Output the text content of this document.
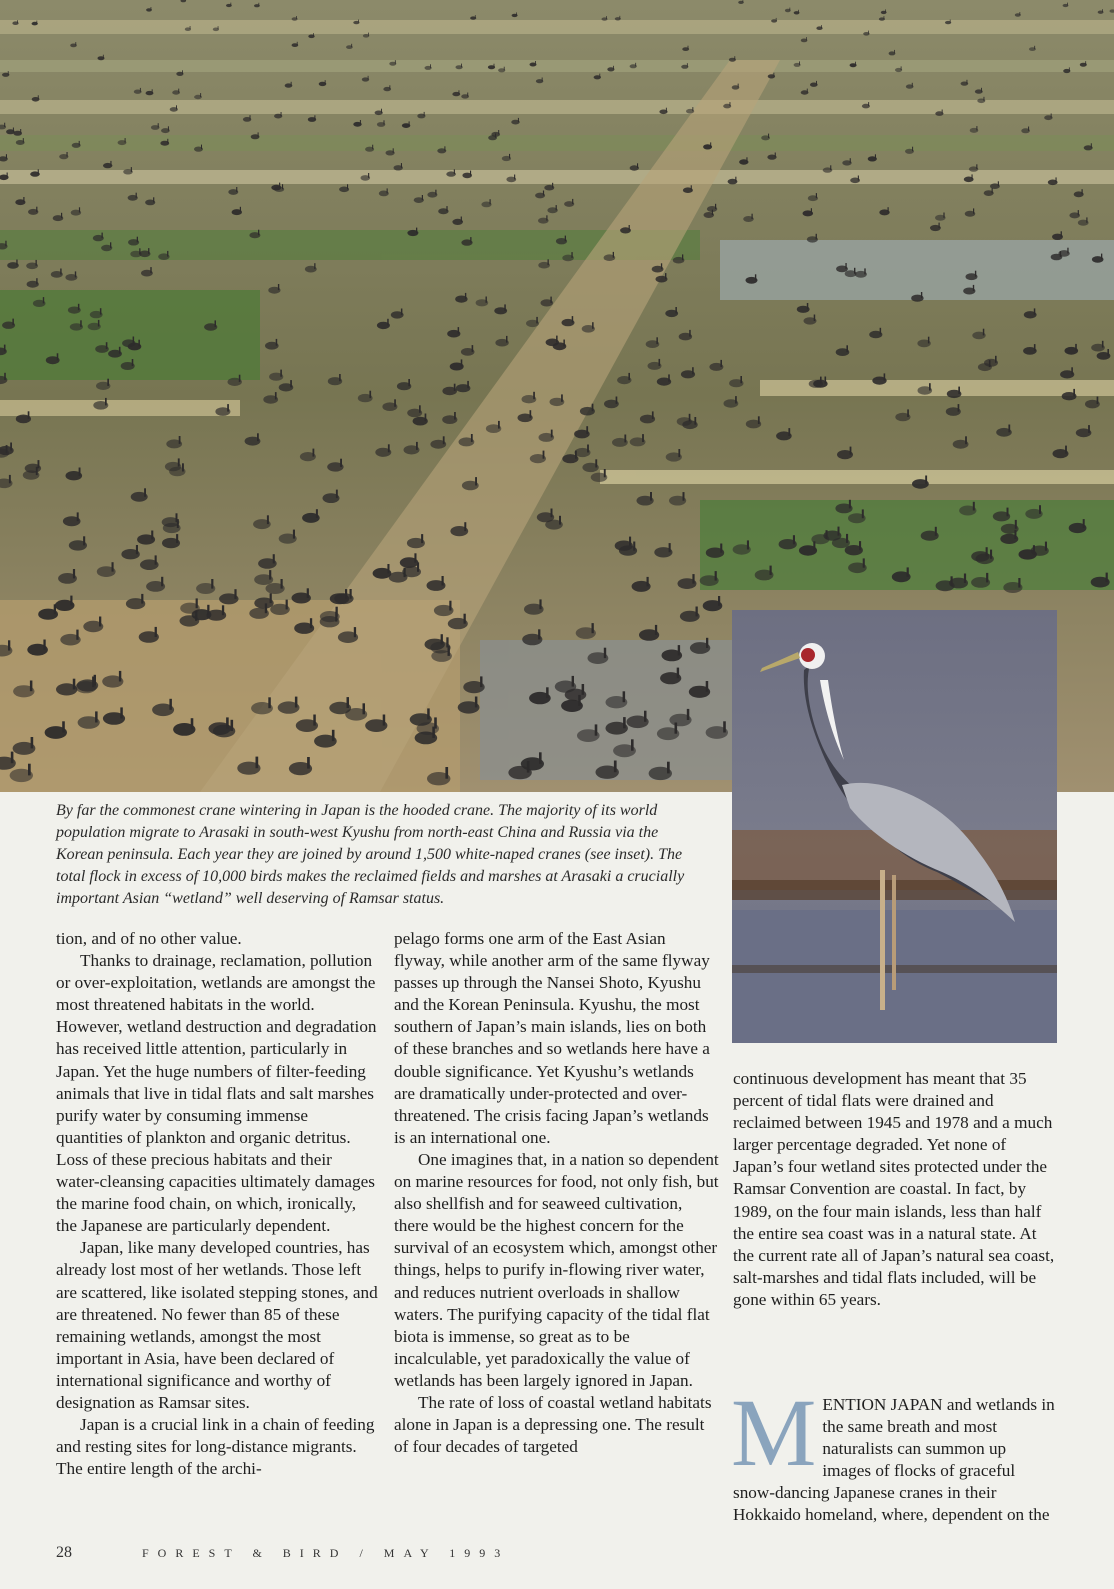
By far the commonest crane wintering in Japan is the hooded crane. The majority of its world population migrate to Arasaki in south-west Kyushu from north-east China and Russia via the Korean peninsula. Each year they are joined by around 1,500 white-naped cranes (see inset). The total flock in excess of 10,000 birds makes the reclaimed fields and marshes at Arasaki a crucially important Asian “wetland” well deserving of Ramsar status.

tion, and of no other value.

Thanks to drainage, reclamation, pollution or over-exploitation, wetlands are amongst the most threatened habitats in the world. However, wetland destruction and degradation has received little attention, particularly in Japan. Yet the huge numbers of filter-feeding animals that live in tidal flats and salt marshes purify water by consuming immense quantities of plankton and organic detritus. Loss of these precious habitats and their water-cleansing capacities ultimately damages the marine food chain, on which, ironically, the Japanese are particularly dependent.

Japan, like many developed countries, has already lost most of her wetlands. Those left are scattered, like isolated stepping stones, and are threatened. No fewer than 85 of these remaining wetlands, amongst the most important in Asia, have been declared of international significance and worthy of designation as Ramsar sites.

Japan is a crucial link in a chain of feeding and resting sites for long-distance migrants. The entire length of the archi-

pelago forms one arm of the East Asian flyway, while another arm of the same flyway passes up through the Nansei Shoto, Kyushu and the Korean Peninsula. Kyushu, the most southern of Japan’s main islands, lies on both of these branches and so wetlands here have a double significance. Yet Kyushu’s wetlands are dramatically under-protected and over-threatened. The crisis facing Japan’s wetlands is an international one.

One imagines that, in a nation so dependent on marine resources for food, not only fish, but also shellfish and for seaweed cultivation, there would be the highest concern for the survival of an ecosystem which, amongst other things, helps to purify in-flowing river water, and reduces nutrient overloads in shallow waters. The purifying capacity of the tidal flat biota is immense, so great as to be incalculable, yet paradoxically the value of wetlands has been largely ignored in Japan.

The rate of loss of coastal wetland habitats alone in Japan is a depressing one. The result of four decades of targeted

continuous development has meant that 35 percent of tidal flats were drained and reclaimed between 1945 and 1978 and a much larger percentage degraded. Yet none of Japan’s four wetland sites protected under the Ramsar Convention are coastal. In fact, by 1989, on the four main islands, less than half the entire sea coast was in a natural state. At the current rate all of Japan’s natural sea coast, salt-marshes and tidal flats included, will be gone within 65 years.

M ENTION JAPAN and wetlands in the same breath and most naturalists can summon up images of flocks of graceful snow-dancing Japanese cranes in their Hokkaido homeland, where, dependent on the
28	FOREST & BIRD / MAY 1993
